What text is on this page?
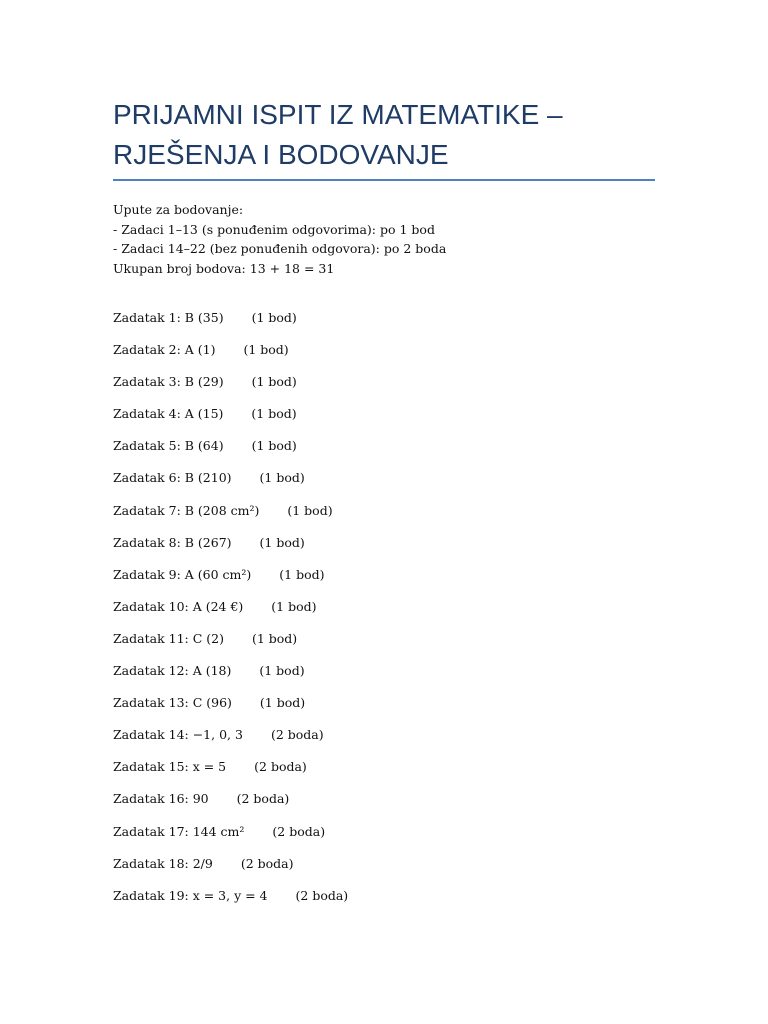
PRIJAMNI ISPIT IZ MATEMATIKE – RJEŠENJA I BODOVANJE
Upute za bodovanje:
- Zadaci 1–13 (s ponuđenim odgovorima): po 1 bod
- Zadaci 14–22 (bez ponuđenih odgovora): po 2 boda
Ukupan broj bodova: 13 + 18 = 31
Zadatak 1: B (35) (1 bod)
Zadatak 2: A (1) (1 bod)
Zadatak 3: B (29) (1 bod)
Zadatak 4: A (15) (1 bod)
Zadatak 5: B (64) (1 bod)
Zadatak 6: B (210) (1 bod)
Zadatak 7: B (208 cm²) (1 bod)
Zadatak 8: B (267) (1 bod)
Zadatak 9: A (60 cm²) (1 bod)
Zadatak 10: A (24 €) (1 bod)
Zadatak 11: C (2) (1 bod)
Zadatak 12: A (18) (1 bod)
Zadatak 13: C (96) (1 bod)
Zadatak 14: −1, 0, 3 (2 boda)
Zadatak 15: x = 5 (2 boda)
Zadatak 16: 90 (2 boda)
Zadatak 17: 144 cm² (2 boda)
Zadatak 18: 2/9 (2 boda)
Zadatak 19: x = 3, y = 4 (2 boda)
